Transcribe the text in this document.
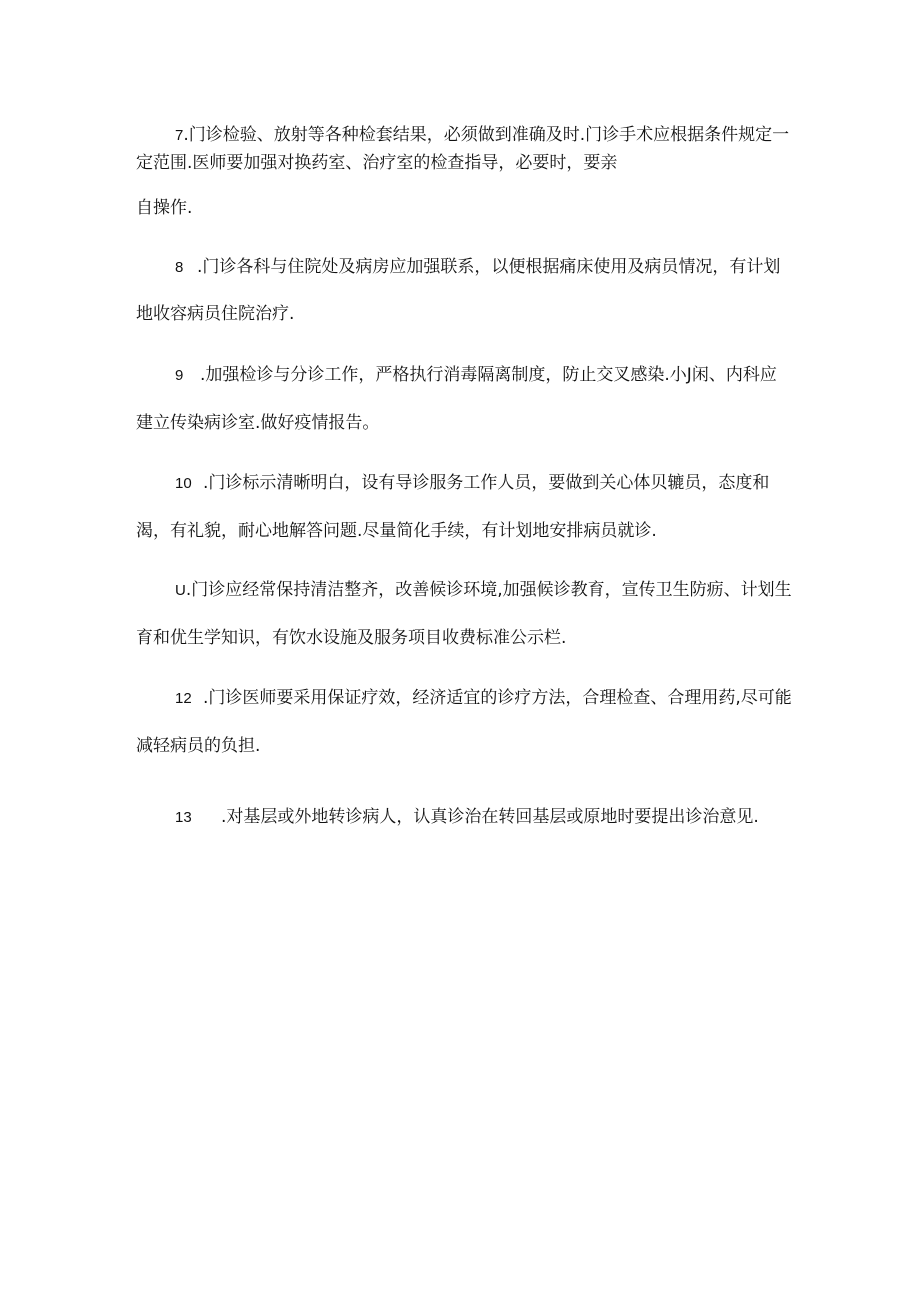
7.门诊检验、放射等各种检套结果，必须做到准确及时.门诊手术应根据条件规定一
定范围.医师要加强对换药室、治疗室的检查指导，必要时，要亲
自操作.
8 .门诊各科与住院处及病房应加强联系，以便根据痛床使用及病员情况，有计划
地收容病员住院治疗.
9 .加强检诊与分诊工作，严格执行消毒隔离制度，防止交叉感染.小J闲、内科应
建立传染病诊室.做好疫情报告。
10 .门诊标示清晰明白，设有导诊服务工作人员，要做到关心体贝辘员，态度和
渴，有礼貌，耐心地解答问题.尽量简化手续，有计划地安排病员就诊.
U.门诊应经常保持清洁整齐，改善候诊环境,加强候诊教育，宣传卫生防疬、计划生
育和优生学知识，有饮水设施及服务项目收费标准公示栏.
12 .门诊医师要采用保证疗效，经济适宜的诊疗方法，合理检查、合理用药,尽可能
减轻病员的负担.
13 .对基层或外地转诊病人，认真诊治在转回基层或原地时要提出诊治意见.
